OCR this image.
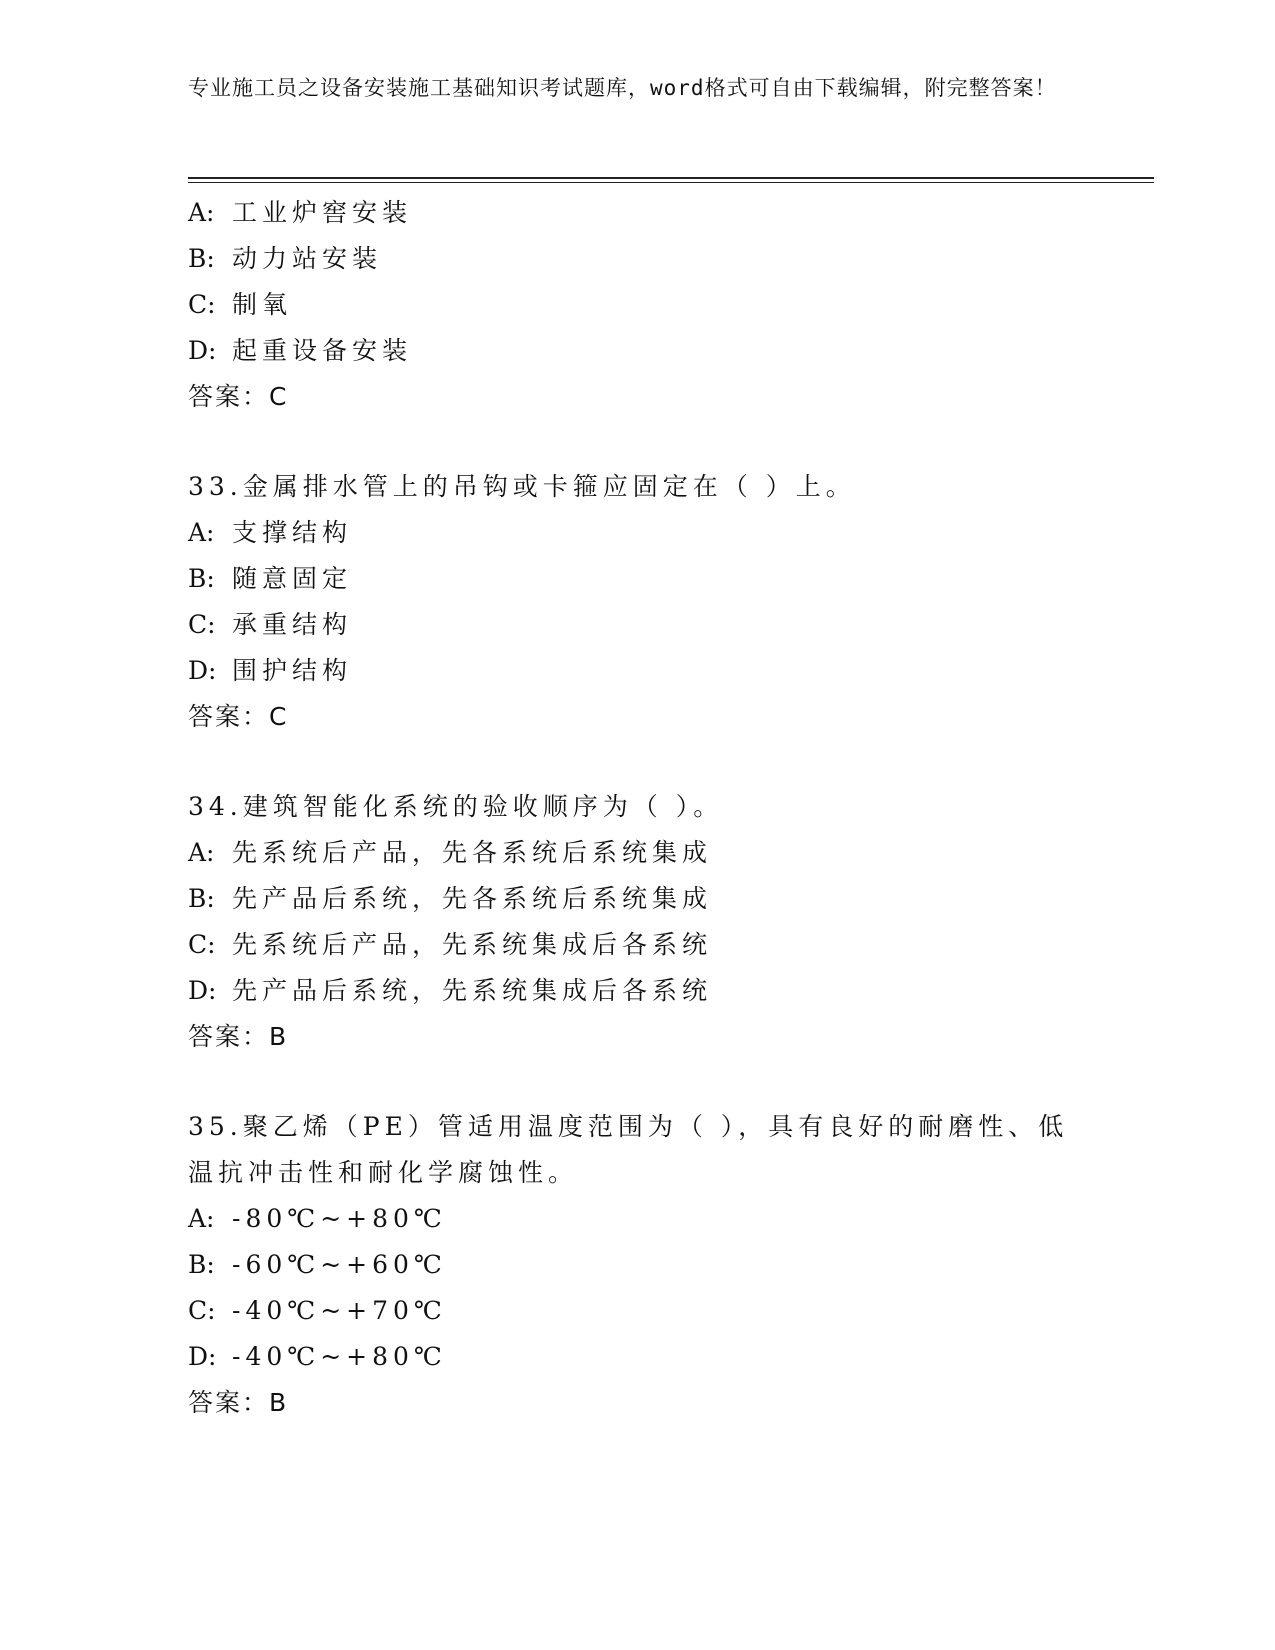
专业施工员之设备安装施工基础知识考试题库，word格式可自由下载编辑，附完整答案！
A: 工业炉窖安装
B: 动力站安装
C: 制氧
D: 起重设备安装
答案：C
33.金属排水管上的吊钩或卡箍应固定在（ ）上。
A: 支撑结构
B: 随意固定
C: 承重结构
D: 围护结构
答案：C
34.建筑智能化系统的验收顺序为（ ）。
A: 先系统后产品，先各系统后系统集成
B: 先产品后系统，先各系统后系统集成
C: 先系统后产品，先系统集成后各系统
D: 先产品后系统，先系统集成后各系统
答案：B
35.聚乙烯（PE）管适用温度范围为（ ），具有良好的耐磨性、低温抗冲击性和耐化学腐蚀性。
A: -80℃~+80℃
B: -60℃~+60℃
C: -40℃~+70℃
D: -40℃~+80℃
答案：B
